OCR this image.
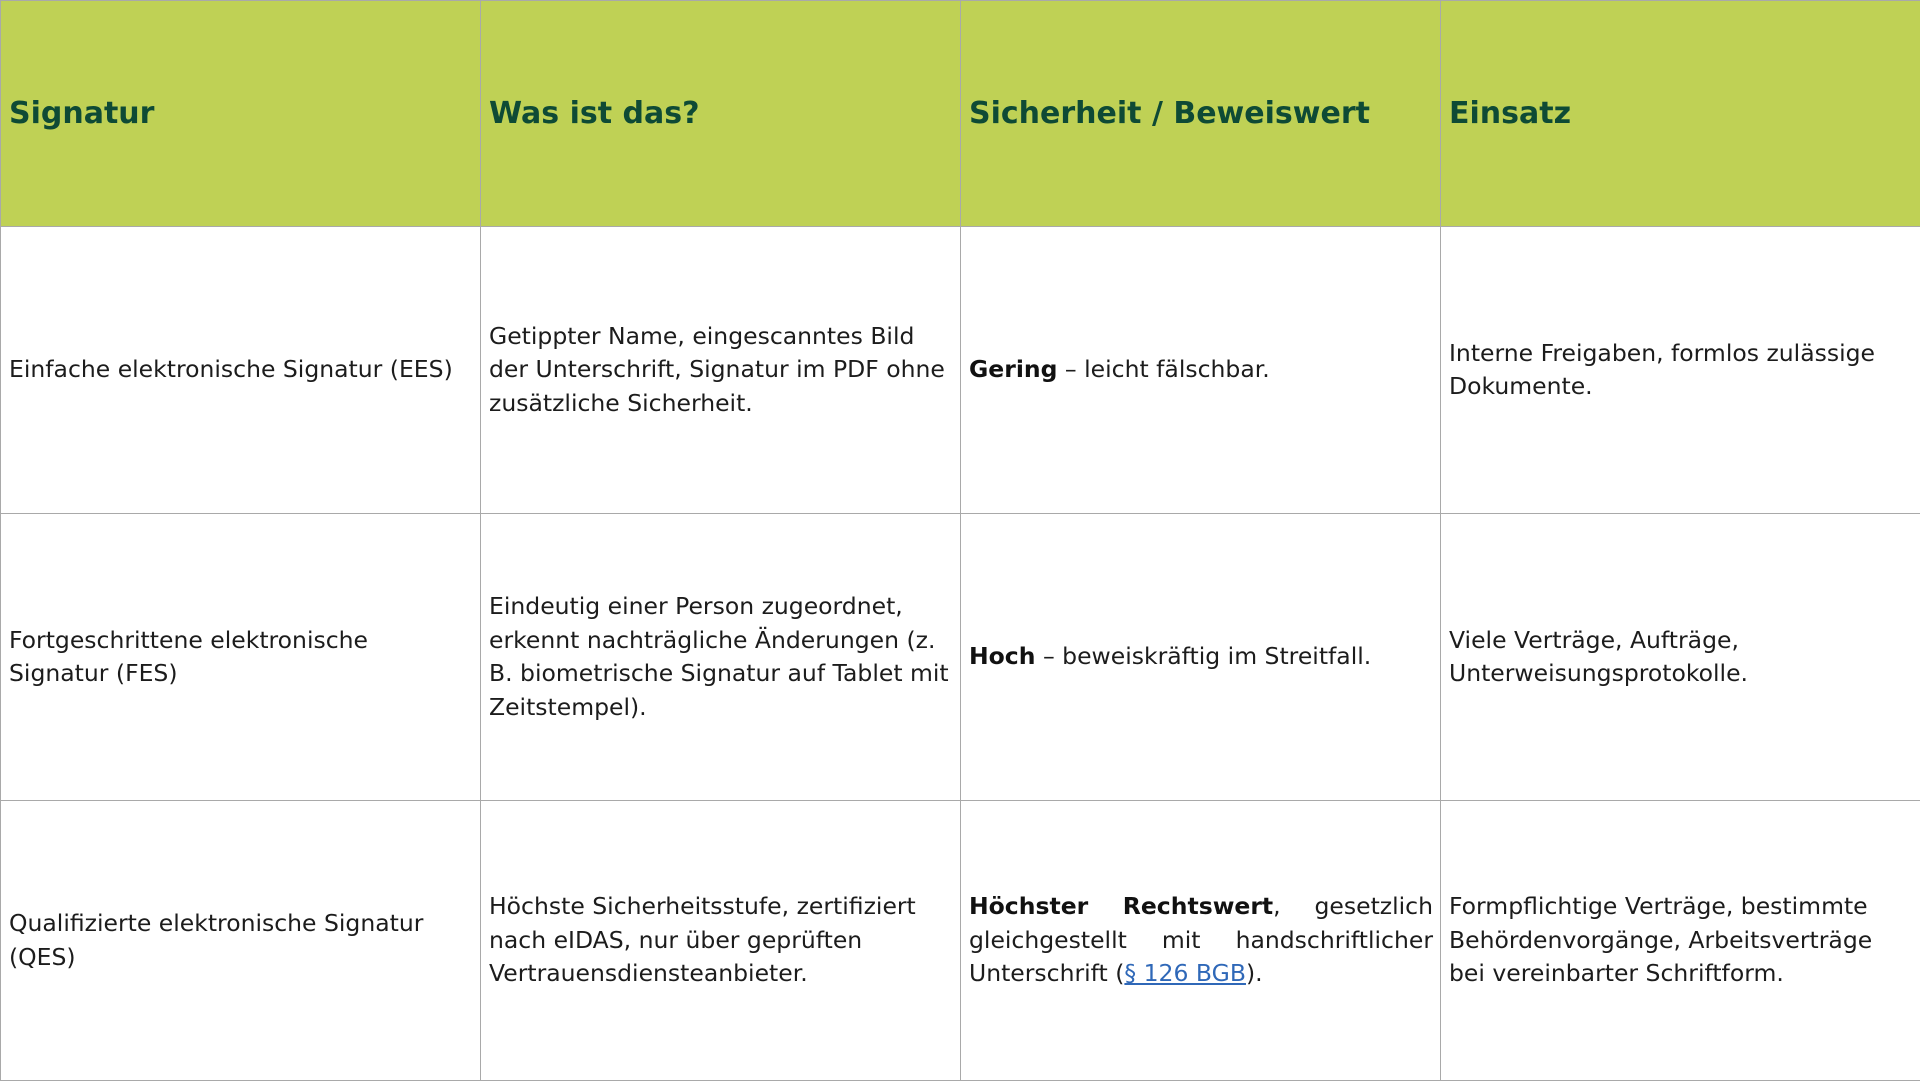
Signatur	Was ist das?	Sicherheit / Beweiswert	Einsatz
Einfache elektronische Signatur (EES)	Getippter Name, eingescanntes Bild der Unterschrift, Signatur im PDF ohne zusätzliche Sicherheit.	Gering – leicht fälschbar.	Interne Freigaben, formlos zulässige Dokumente.
Fortgeschrittene elektronische Signatur (FES)	Eindeutig einer Person zugeordnet, erkennt nachträgliche Änderungen (z. B. biometrische Signatur auf Tablet mit Zeitstempel).	Hoch – beweiskräftig im Streitfall.	Viele Verträge, Aufträge, Unterweisungsprotokolle.
Qualifizierte elektronische Signatur (QES)	Höchste Sicherheitsstufe, zertifiziert nach eIDAS, nur über geprüften Vertrauensdiensteanbieter.	Höchster Rechtswert, gesetzlich gleichgestellt mit handschriftlicher Unterschrift (§ 126 BGB).	Formpflichtige Verträge, bestimmte Behördenvorgänge, Arbeitsverträge bei vereinbarter Schriftform.
